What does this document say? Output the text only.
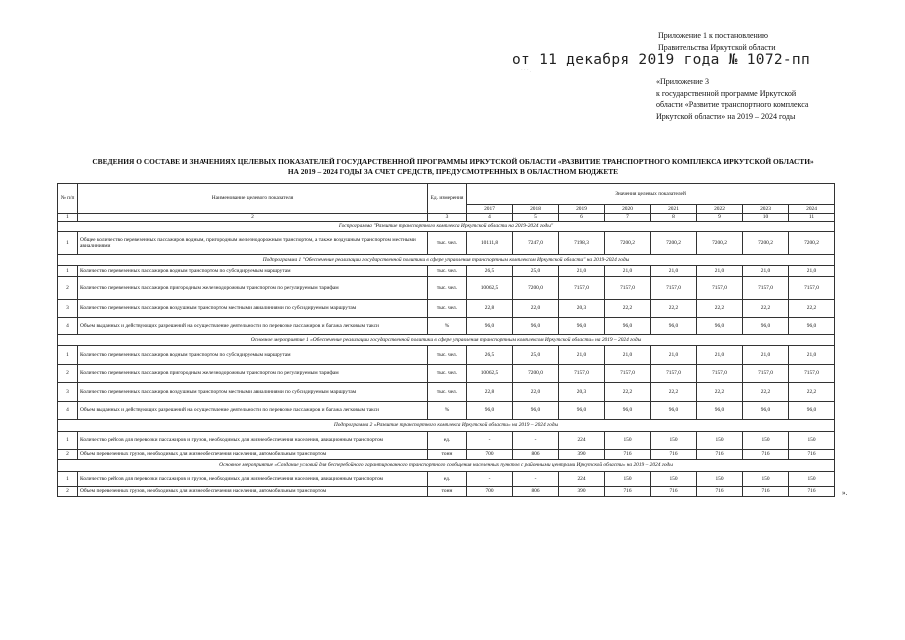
Приложение 1 к постановлению
Правительства Иркутской области
от 11 декабря 2019 года № 1072-пп
` ` ` ·
«Приложение 3
к государственной программе Иркутской
области «Развитие транспортного комплекса
Иркутской области» на 2019 – 2024 годы
СВЕДЕНИЯ О СОСТАВЕ И ЗНАЧЕНИЯХ ЦЕЛЕВЫХ ПОКАЗАТЕЛЕЙ ГОСУДАРСТВЕННОЙ ПРОГРАММЫ ИРКУТСКОЙ ОБЛАСТИ «РАЗВИТИЕ ТРАНСПОРТНОГО КОМПЛЕКСА ИРКУТСКОЙ ОБЛАСТИ»
НА 2019 – 2024 ГОДЫ ЗА СЧЕТ СРЕДСТВ, ПРЕДУСМОТРЕННЫХ В ОБЛАСТНОМ БЮДЖЕТЕ
№ п/п	Наименование целевого показателя	Ед. измерения	Значения целевых показателей							
			2017	2018	2019	2020	2021	2022	2023	2024
1	2	3	4	5	6	7	8	9	10	11
Госпрограмма "Развитие транспортного комплекса Иркутской области на 2019-2024 годы"										
1	Общее количество перевезенных пассажиров водным, пригородным железнодорожным транспортом, а также воздушным транспортом местными авиалиниями	тыс. чел.	10111,8	7247,0	7198,3	7200,2	7200,2	7200,2	7200,2	7200,2
Подпрограмма 1 "Обеспечение реализации государственной политики в сфере управления транспортным комплексом Иркутской области" на 2019-2024 годы										
1	Количество перевезенных пассажиров водным транспортом по субсидируемым маршрутам	тыс. чел.	26,5	25,0	21,0	21,0	21,0	21,0	21,0	21,0
2	Количество перевезенных пассажиров пригородным железнодорожным транспортом по регулируемым тарифам	тыс. чел.	10062,5	7200,0	7157,0	7157,0	7157,0	7157,0	7157,0	7157,0
3	Количество перевезенных пассажиров воздушным транспортом местными авиалиниями по субсидируемым маршрутам	тыс. чел.	22,8	22,0	20,3	22,2	22,2	22,2	22,2	22,2
4	Объем выданных и действующих разрешений на осуществление деятельности по перевозке пассажиров и багажа легковым такси	%	96,0	96,0	96,0	96,0	96,0	96,0	96,0	96,0
Основное мероприятие 1 «Обеспечение реализации государственной политики в сфере управления транспортным комплексом Иркутской области» на 2019 – 2024 годы										
1	Количество перевезенных пассажиров водным транспортом по субсидируемым маршрутам	тыс. чел.	26,5	25,0	21,0	21,0	21,0	21,0	21,0	21,0
2	Количество перевезенных пассажиров пригородным железнодорожным транспортом по регулируемым тарифам	тыс. чел.	10062,5	7200,0	7157,0	7157,0	7157,0	7157,0	7157,0	7157,0
3	Количество перевезенных пассажиров воздушным транспортом местными авиалиниями по субсидируемым маршрутам	тыс. чел.	22,8	22,0	20,3	22,2	22,2	22,2	22,2	22,2
4	Объем выданных и действующих разрешений на осуществление деятельности по перевозке пассажиров и багажа легковым такси	%	96,0	96,0	96,0	96,0	96,0	96,0	96,0	96,0
Подпрограмма 2 «Развитие транспортного комплекса Иркутской области» на 2019 – 2024 годы										
1	Количество рейсов для перевозки пассажиров и грузов, необходимых для жизнеобеспечения населения, авиационным транспортом	ед.	-	-	224	150	150	150	150	150
2	Объем перевезенных грузов, необходимых для жизнеобеспечения населения, автомобильным транспортом	тонн	700	806	390	716	716	716	716	716
Основное мероприятие «Создание условий для бесперебойного гарантированного транспортного сообщения населенных пунктов с районными центрами Иркутской области» на 2019 – 2024 годы										
1	Количество рейсов для перевозки пассажиров и грузов, необходимых для жизнеобеспечения населения, авиационным транспортом	ед.	-	-	224	150	150	150	150	150
2	Объем перевезенных грузов, необходимых для жизнеобеспечения населения, автомобильным транспортом	тонн	700	806	390	716	716	716	716	716	».
